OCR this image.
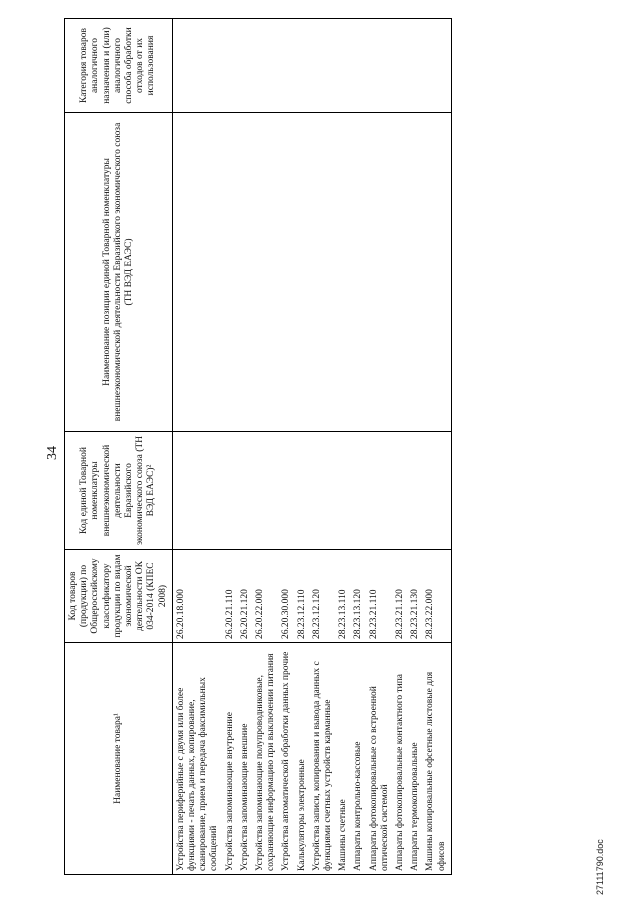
34
Наименование товара¹	Код товаров (продукции) по Общероссийскому классификатору продукции по видам экономической деятельности ОК 034-2014 (КПЕС 2008)	Код единой Товарной номенклатуры внешнеэкономической деятельности Евразийского экономического союза (ТН ВЭД ЕАЭС)²	Наименование позиции единой Товарной номенклатуры внешнеэкономической деятельности Евразийского экономического союза (ТН ВЭД ЕАЭС)	Категория товаров аналогичного назначения и (или) аналогичного способа обработки отходов от их использования
Устройства периферийные с двумя или более функциями - печать данных, копирование, сканирование, прием и передача факсимильных сообщений	26.20.18.000			
Устройства запоминающие внутренние	26.20.21.110			
Устройства запоминающие внешние	26.20.21.120			
Устройства запоминающие полупроводниковые, сохраняющие информацию при выключении питания	26.20.22.000			
Устройства автоматической обработки данных прочие	26.20.30.000			
Калькуляторы электронные	28.23.12.110			
Устройства записи, копирования и вывода данных с функциями счетных устройств карманные	28.23.12.120			
Машины счетные	28.23.13.110			
Аппараты контрольно-кассовые	28.23.13.120			
Аппараты фотокопировальные со встроенной оптической системой	28.23.21.110			
Аппараты фотокопировальные контактного типа	28.23.21.120			
Аппараты термокопировальные	28.23.21.130			
Машины копировальные офсетные листовые для офисов	28.23.22.000			
27111790.doc
